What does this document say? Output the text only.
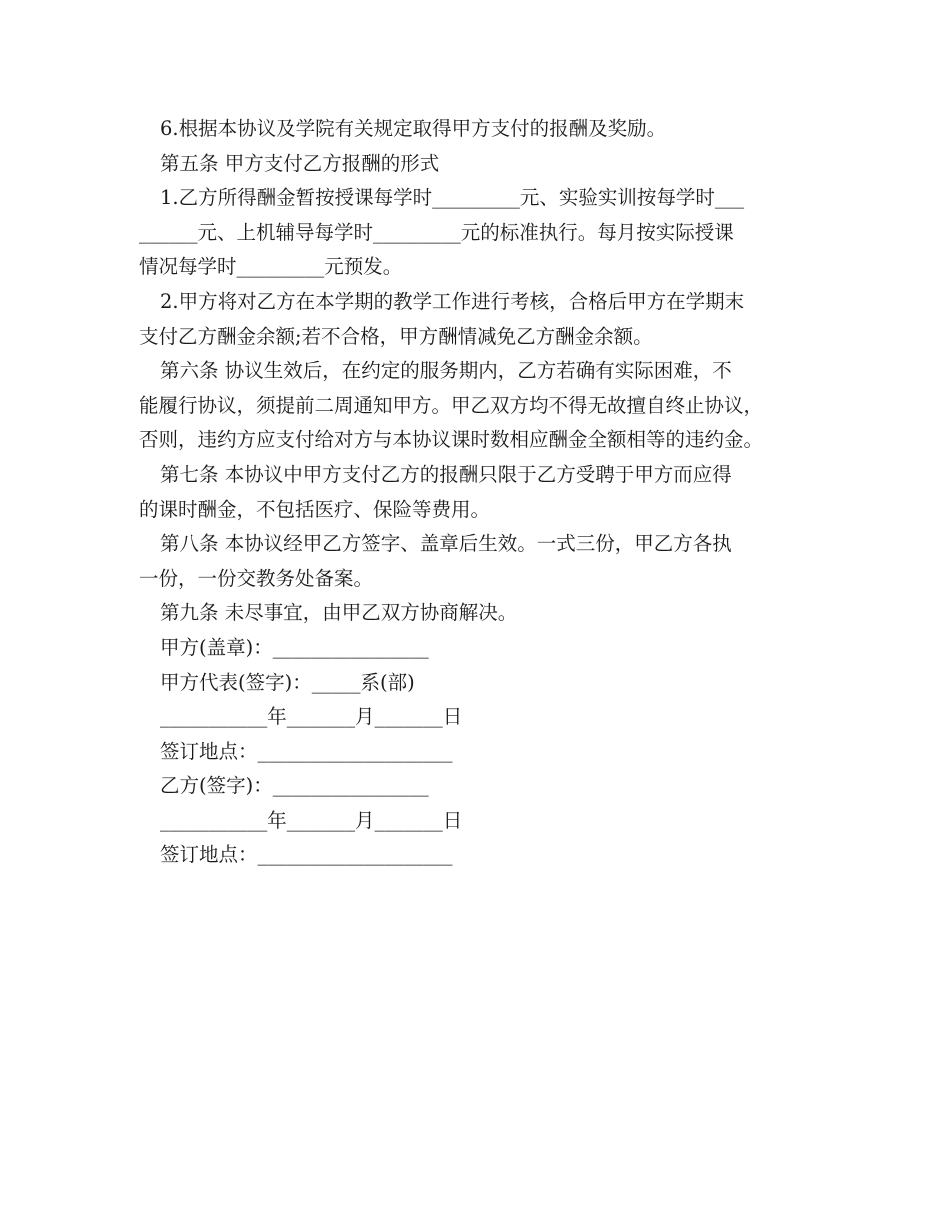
6.根据本协议及学院有关规定取得甲方支付的报酬及奖励。
第五条 甲方支付乙方报酬的形式
1.乙方所得酬金暂按授课每学时_________元、实验实训按每学时___
______元、上机辅导每学时_________元的标准执行。每月按实际授课
情况每学时_________元预发。
2.甲方将对乙方在本学期的教学工作进行考核，合格后甲方在学期末
支付乙方酬金余额;若不合格，甲方酬情减免乙方酬金余额。
第六条 协议生效后，在约定的服务期内，乙方若确有实际困难，不
能履行协议，须提前二周通知甲方。甲乙双方均不得无故擅自终止协议，
否则，违约方应支付给对方与本协议课时数相应酬金全额相等的违约金。
第七条 本协议中甲方支付乙方的报酬只限于乙方受聘于甲方而应得
的课时酬金，不包括医疗、保险等费用。
第八条 本协议经甲乙方签字、盖章后生效。一式三份，甲乙方各执
一份，一份交教务处备案。
第九条 未尽事宜，由甲乙双方协商解决。
甲方(盖章)：________________
甲方代表(签字)：_____系(部)
___________年_______月_______日
签订地点：____________________
乙方(签字)：________________
___________年_______月_______日
签订地点：____________________
